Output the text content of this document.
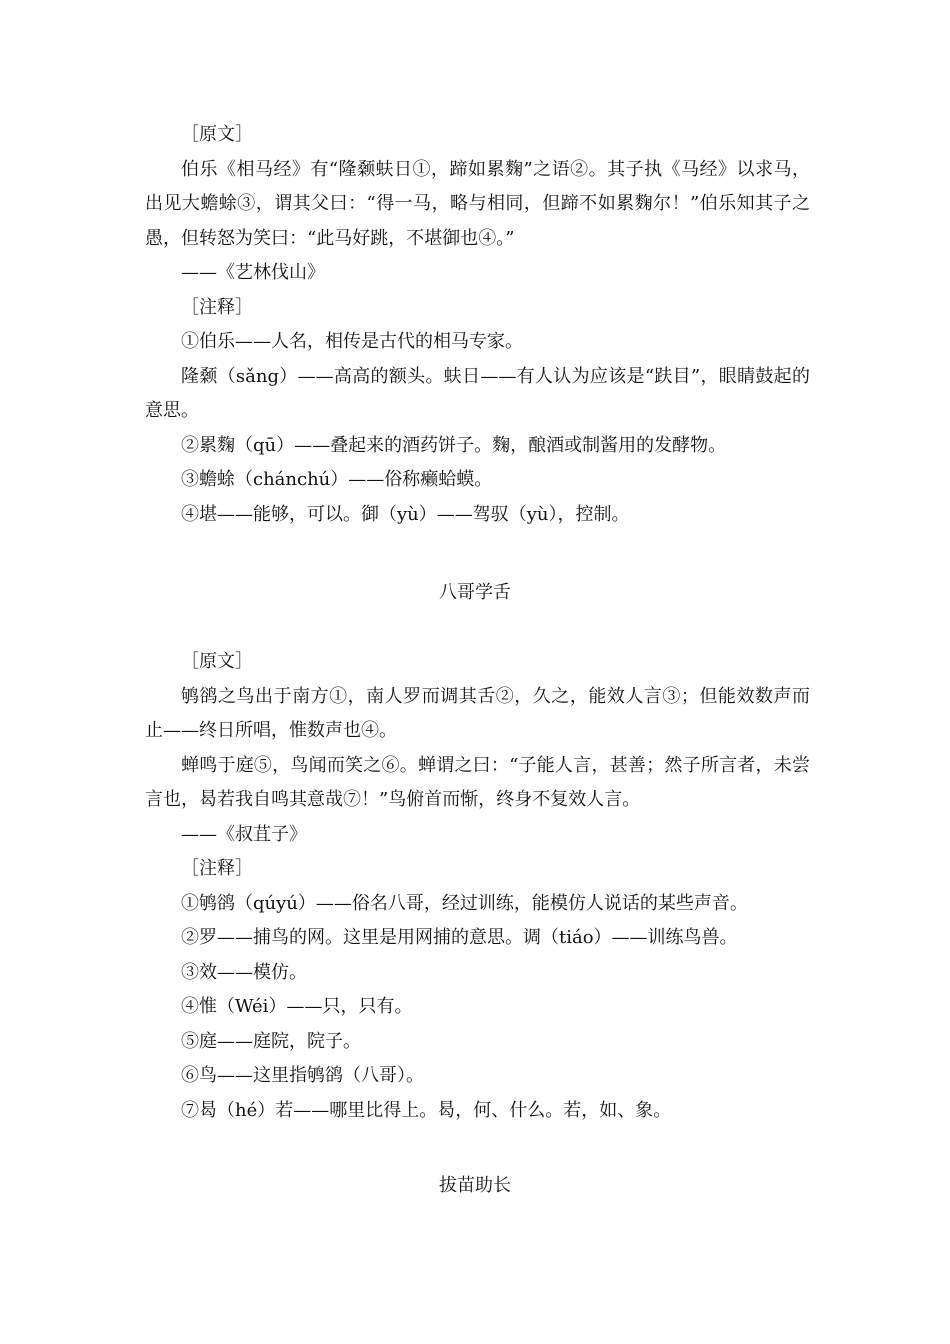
［原文］

伯乐《相马经》有“隆颡蚨日①，蹄如累麴”之语②。其子执《马经》以求马，出见大蟾蜍③，谓其父曰：“得一马，略与相同，但蹄不如累麴尔！”伯乐知其子之愚，但转怒为笑曰：“此马好跳，不堪御也④。”

——《艺林伐山》

［注释］

①伯乐——人名，相传是古代的相马专家。

隆颡（sǎng）——高高的额头。蚨日——有人认为应该是“趺目”，眼睛鼓起的意思。

②累麴（qū）——叠起来的酒药饼子。麴，酿酒或制酱用的发酵物。

③蟾蜍（chánchú）——俗称癞蛤蟆。

④堪——能够，可以。御（yù）——驾驭（yù），控制。

八哥学舌

［原文］

鸲鹆之鸟出于南方①，南人罗而调其舌②，久之，能效人言③；但能效数声而止——终日所唱，惟数声也④。

蝉鸣于庭⑤，鸟闻而笑之⑥。蝉谓之曰：“子能人言，甚善；然子所言者，未尝言也，曷若我自鸣其意哉⑦！”鸟俯首而惭，终身不复效人言。

——《叔苴子》

［注释］

①鸲鹆（qúyú）——俗名八哥，经过训练，能模仿人说话的某些声音。

②罗——捕鸟的网。这里是用网捕的意思。调（tiáo）——训练鸟兽。

③效——模仿。

④惟（Wéi）——只，只有。

⑤庭——庭院，院子。

⑥鸟——这里指鸲鹆（八哥）。

⑦曷（hé）若——哪里比得上。曷，何、什么。若，如、象。

拔苗助长
